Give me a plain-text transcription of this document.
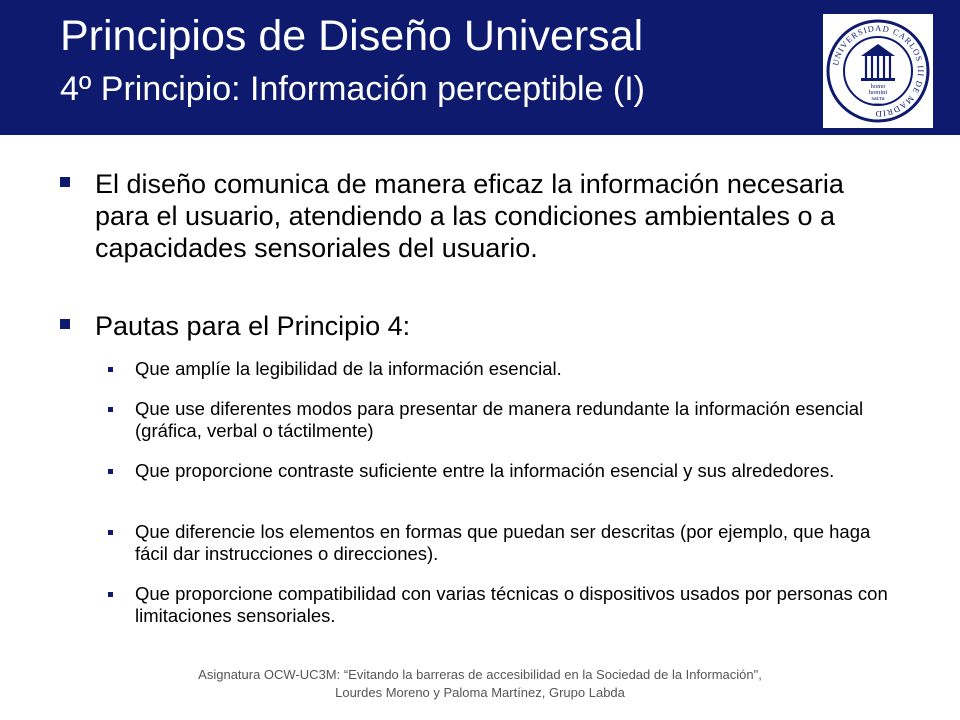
Principios de Diseño Universal
4º Principio: Información perceptible (I)
UNIVERSIDAD CARLOS III DE MADRID
homo
homini
sacra
res
El diseño comunica de manera eficaz la información necesaria para el usuario, atendiendo a las condiciones ambientales o a capacidades sensoriales del usuario.
Pautas para el Principio 4:
Que amplíe la legibilidad de la información esencial.
Que use diferentes modos para presentar de manera redundante la información esencial (gráfica, verbal o táctilmente)
Que proporcione contraste suficiente entre la información esencial y sus alrededores.
Que diferencie los elementos en formas que puedan ser descritas (por ejemplo, que haga fácil dar instrucciones o direcciones).
Que proporcione compatibilidad con varias técnicas o dispositivos usados por personas con limitaciones sensoriales.
Asignatura OCW-UC3M: “Evitando la barreras de accesibilidad en la Sociedad de la Información",
Lourdes Moreno y Paloma Martínez, Grupo Labda
